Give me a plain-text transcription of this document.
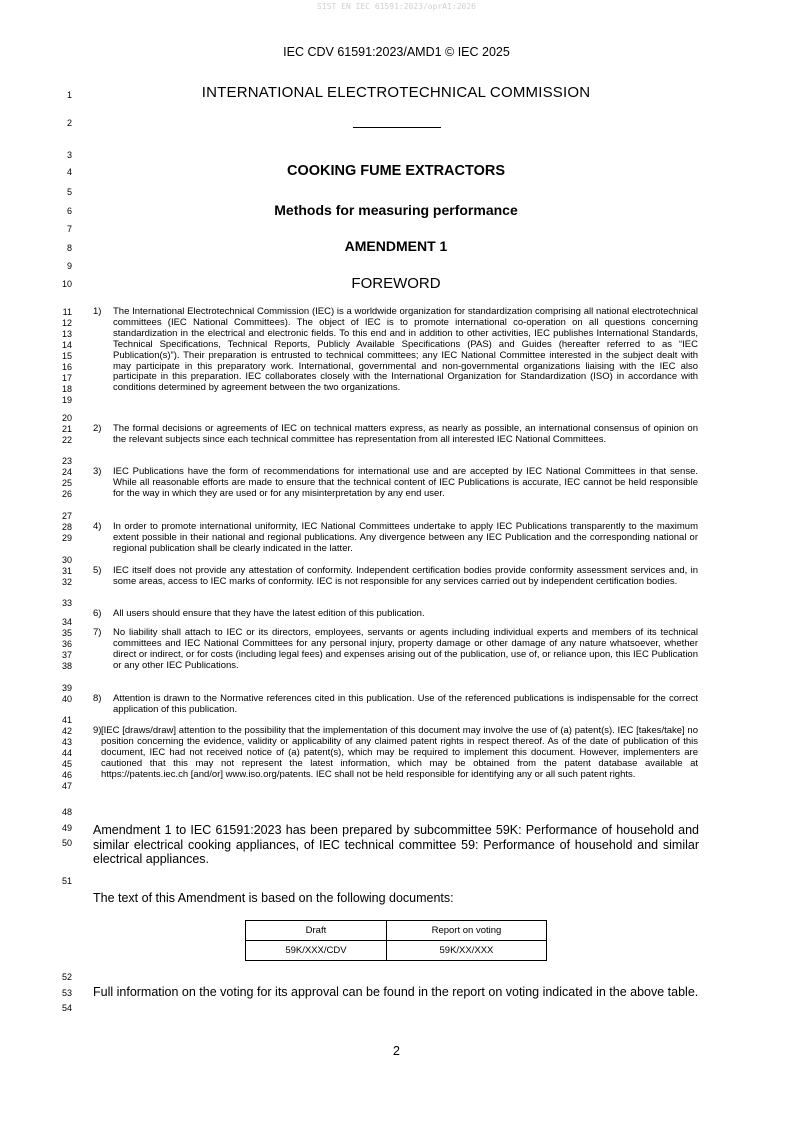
SIST EN IEC 61591:2023/oprA1:2026
IEC CDV 61591:2023/AMD1 © IEC 2025
1
2
3
4
5
6
7
8
9
10
11
12
13
14
15
16
17
18
19
20
21
22
23
24
25
26
27
28
29
30
31
32
33
34
35
36
37
38
39
40
41
42
43
44
45
46
47
48
49
50
51
52
53
54
INTERNATIONAL ELECTROTECHNICAL COMMISSION
COOKING FUME EXTRACTORS
Methods for measuring performance
AMENDMENT 1
FOREWORD
1) The International Electrotechnical Commission (IEC) is a worldwide organization for standardization comprising all national electrotechnical committees (IEC National Committees). The object of IEC is to promote international co-operation on all questions concerning standardization in the electrical and electronic fields. To this end and in addition to other activities, IEC publishes International Standards, Technical Specifications, Technical Reports, Publicly Available Specifications (PAS) and Guides (hereafter referred to as “IEC Publication(s)”). Their preparation is entrusted to technical committees; any IEC National Committee interested in the subject dealt with may participate in this preparatory work. International, governmental and non-governmental organizations liaising with the IEC also participate in this preparation. IEC collaborates closely with the International Organization for Standardization (ISO) in accordance with conditions determined by agreement between the two organizations.
2) The formal decisions or agreements of IEC on technical matters express, as nearly as possible, an international consensus of opinion on the relevant subjects since each technical committee has representation from all interested IEC National Committees.
3) IEC Publications have the form of recommendations for international use and are accepted by IEC National Committees in that sense. While all reasonable efforts are made to ensure that the technical content of IEC Publications is accurate, IEC cannot be held responsible for the way in which they are used or for any misinterpretation by any end user.
4) In order to promote international uniformity, IEC National Committees undertake to apply IEC Publications transparently to the maximum extent possible in their national and regional publications. Any divergence between any IEC Publication and the corresponding national or regional publication shall be clearly indicated in the latter.
5) IEC itself does not provide any attestation of conformity. Independent certification bodies provide conformity assessment services and, in some areas, access to IEC marks of conformity. IEC is not responsible for any services carried out by independent certification bodies.
6) All users should ensure that they have the latest edition of this publication.
7) No liability shall attach to IEC or its directors, employees, servants or agents including individual experts and members of its technical committees and IEC National Committees for any personal injury, property damage or other damage of any nature whatsoever, whether direct or indirect, or for costs (including legal fees) and expenses arising out of the publication, use of, or reliance upon, this IEC Publication or any other IEC Publications.
8) Attention is drawn to the Normative references cited in this publication. Use of the referenced publications is indispensable for the correct application of this publication.
9) [IEC [draws/draw] attention to the possibility that the implementation of this document may involve the use of (a) patent(s). IEC [takes/take] no position concerning the evidence, validity or applicability of any claimed patent rights in respect thereof. As of the date of publication of this document, IEC had not received notice of (a) patent(s), which may be required to implement this document. However, implementers are cautioned that this may not represent the latest information, which may be obtained from the patent database available at https://patents.iec.ch [and/or] www.iso.org/patents. IEC shall not be held responsible for identifying any or all such patent rights.
Amendment 1 to IEC 61591:2023 has been prepared by subcommittee 59K: Performance of household and similar electrical cooking appliances, of IEC technical committee 59: Performance of household and similar electrical appliances.
The text of this Amendment is based on the following documents:
Draft	Report on voting
59K/XXX/CDV	59K/XX/XXX
Full information on the voting for its approval can be found in the report on voting indicated in the above table.
2
